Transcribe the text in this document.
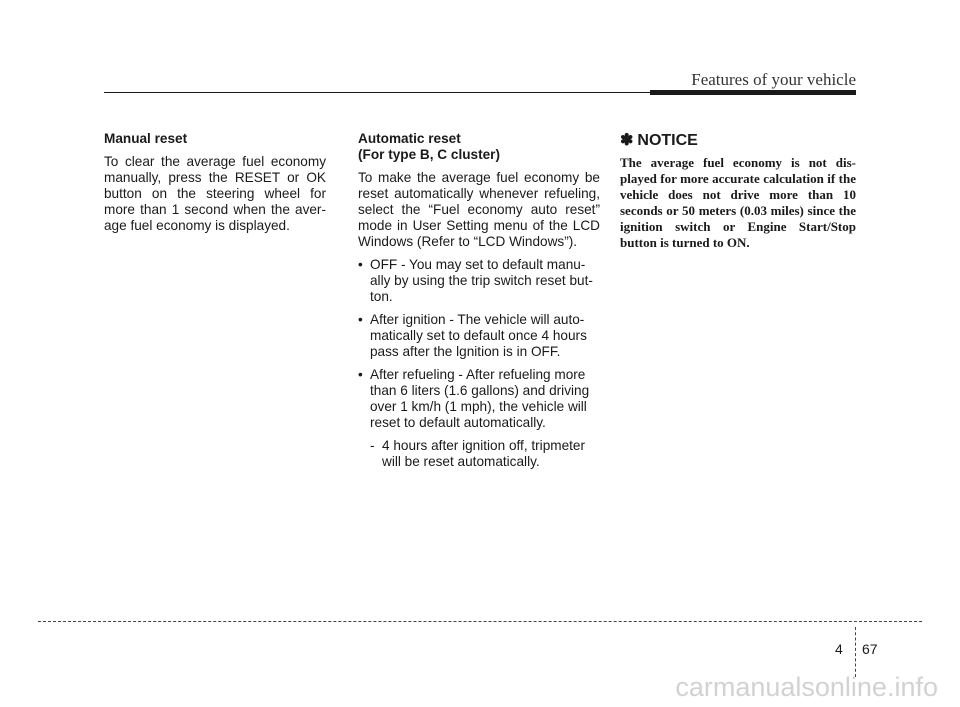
Features of your vehicle

Manual reset

To clear the average fuel economy manually, press the RESET or OK button on the steering wheel for more than 1 second when the aver-age fuel economy is displayed.

Automatic reset
(For type B, C cluster)

To make the average fuel economy be reset automatically whenever refueling, select the “Fuel economy auto reset” mode in User Setting menu of the LCD Windows (Refer to “LCD Windows”).

• OFF - You may set to default manu-ally by using the trip switch reset but-ton.
• After ignition - The vehicle will auto-matically set to default once 4 hours pass after the lgnition is in OFF.
• After refueling - After refueling more than 6 liters (1.6 gallons) and driving over 1 km/h (1 mph), the vehicle will reset to default automatically.

- 4 hours after ignition off, tripmeter will be reset automatically.

✽ NOTICE

The average fuel economy is not dis-played for more accurate calculation if the vehicle does not drive more than 10 seconds or 50 meters (0.03 miles) since the ignition switch or Engine Start/Stop button is turned to ON.

4 67
carmanualsonline.info
